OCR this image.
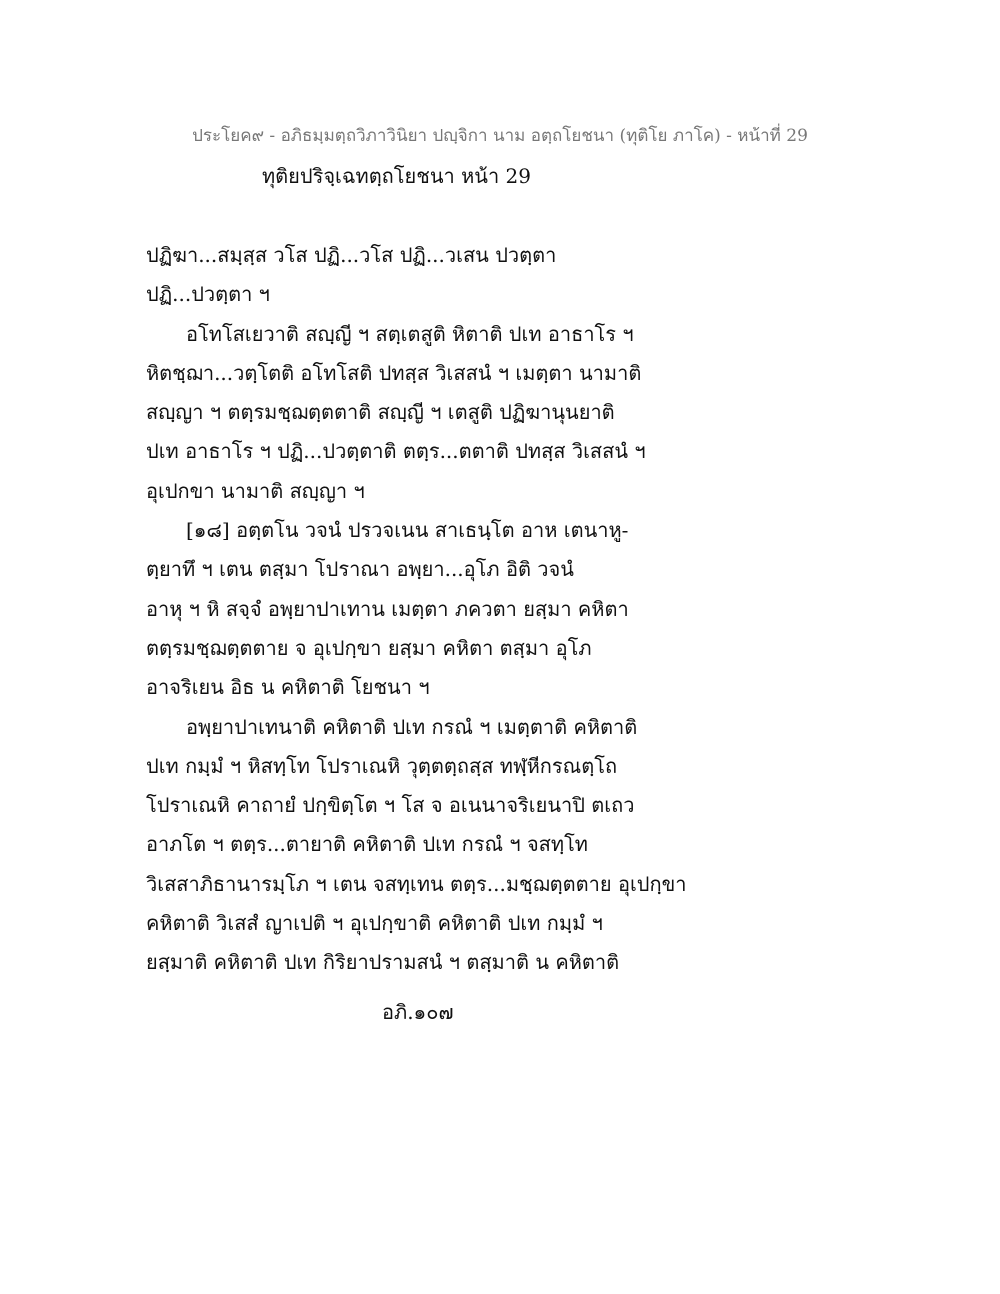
ประโยค๙ - อภิธมฺมตฺถวิภาวินิยา ปญฺจิกา นาม อตฺถโยชนา (ทุติโย ภาโค) - หน้าที่ 29
ทุติยปริจฺเฉทตฺถโยชนา หน้า 29
ปฏิฆา...สมฺสฺส วโส ปฏิ...วโส ปฏิ...วเสน ปวตฺตา
ปฏิ...ปวตฺตา ฯ
อโทโสเยวาติ สญฺญี ฯ สตฺเตสูติ หิตาติ ปเท อาธาโร ฯ
หิตชฺฌา...วตฺโตติ อโทโสติ ปทสฺส วิเสสนํ ฯ เมตฺตา นามาติ
สญฺญา ฯ ตตฺรมชฺฌตฺตตาติ สญฺญี ฯ เตสูติ ปฏิฆานุนยาติ
ปเท อาธาโร ฯ ปฏิ...ปวตฺตาติ ตตฺร...ตตาติ ปทสฺส วิเสสนํ ฯ
อุเปกขา นามาติ สญฺญา ฯ
[๑๘] อตฺตโน วจนํ ปรวจเนน สาเธนฺโต อาห เตนาหู-
ตฺยาทึ ฯ เตน ตสฺมา โปราณา อพฺยา...อุโภ อิติ วจนํ
อาหุ ฯ หิ สจฺจํ อพฺยาปาเทาน เมตฺตา ภควตา ยสฺมา คหิตา
ตตฺรมชฺฌตฺตตาย จ อุเปกฺขา ยสฺมา คหิตา ตสฺมา อุโภ
อาจริเยน อิธ น คหิตาติ โยชนา ฯ
อพฺยาปาเทนาติ คหิตาติ ปเท กรณํ ฯ เมตฺตาติ คหิตาติ
ปเท กมฺมํ ฯ หิสทฺโท โปราเณหิ วุตฺตตฺถสฺส ทฬฺหีกรณตฺโถ
โปราเณหิ คาถายํ ปกฺขิตฺโต ฯ โส จ อเนนาจริเยนาปิ ตเถว
อาภโต ฯ ตตฺร...ตายาติ คหิตาติ ปเท กรณํ ฯ จสทฺโท
วิเสสาภิธานารมฺโภ ฯ เตน จสทฺเทน ตตฺร...มชฺฌตฺตตาย อุเปกฺขา
คหิตาติ วิเสสํ ญาเปติ ฯ อุเปกฺขาติ คหิตาติ ปเท กมฺมํ ฯ
ยสฺมาติ คหิตาติ ปเท กิริยาปรามสนํ ฯ ตสฺมาติ น คหิตาติ
อภิ.๑๐๗
